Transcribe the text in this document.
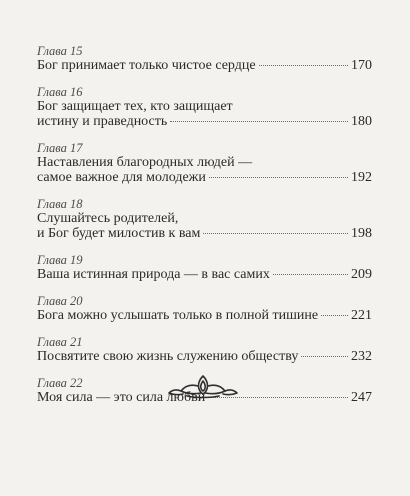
Глава 15
Бог принимает только чистое сердце	170
Глава 16
Бог защищает тех, кто защищает
истину и праведность	180
Глава 17
Наставления благородных людей —
самое важное для молодежи	192
Глава 18
Слушайтесь родителей,
и Бог будет милостив к вам	198
Глава 19
Ваша истинная природа — в вас самих	209
Глава 20
Бога можно услышать только в полной тишине 221
Глава 21
Посвятите свою жизнь служению обществу	232
Глава 22
Моя сила — это сила любви	247
